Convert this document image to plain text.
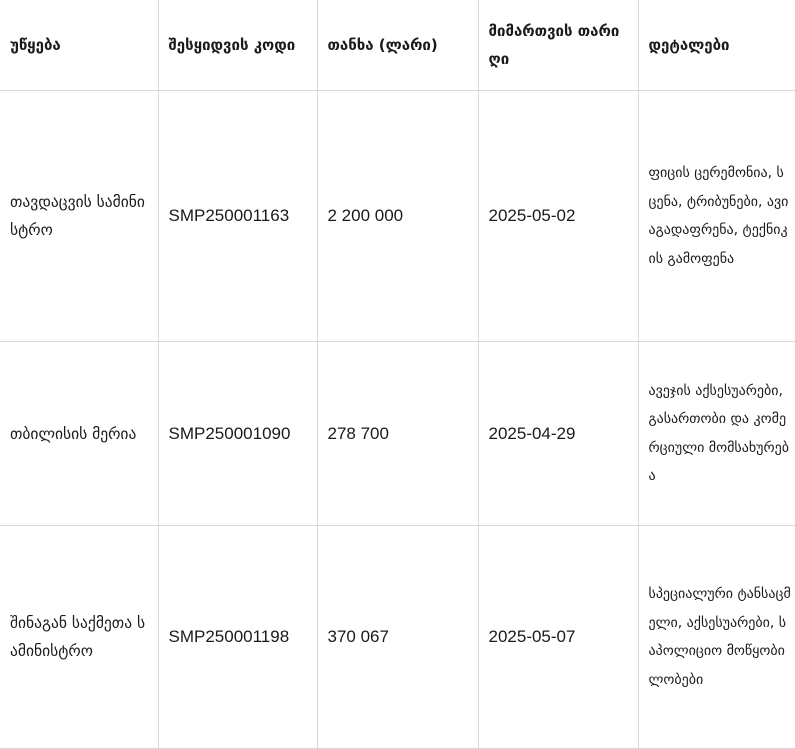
უწყება	შესყიდვის კოდი	თანხა (ლარი)	მიმართვის თარიღი	დეტალები
თავდაცვის სამინისტრო	SMP250001163	2 200 000	2025-05-02	ფიცის ცერემონია, სცენა, ტრიბუნები, ავიაგადაფრენა, ტექნიკის გამოფენა
თბილისის მერია	SMP250001090	278 700	2025-04-29	ავეჯის აქსესუარები, გასართობი და კომერციული მომსახურება
შინაგან საქმეთა სამინისტრო	SMP250001198	370 067	2025-05-07	სპეციალური ტანსაცმელი, აქსესუარები, საპოლიციო მოწყობილობები
